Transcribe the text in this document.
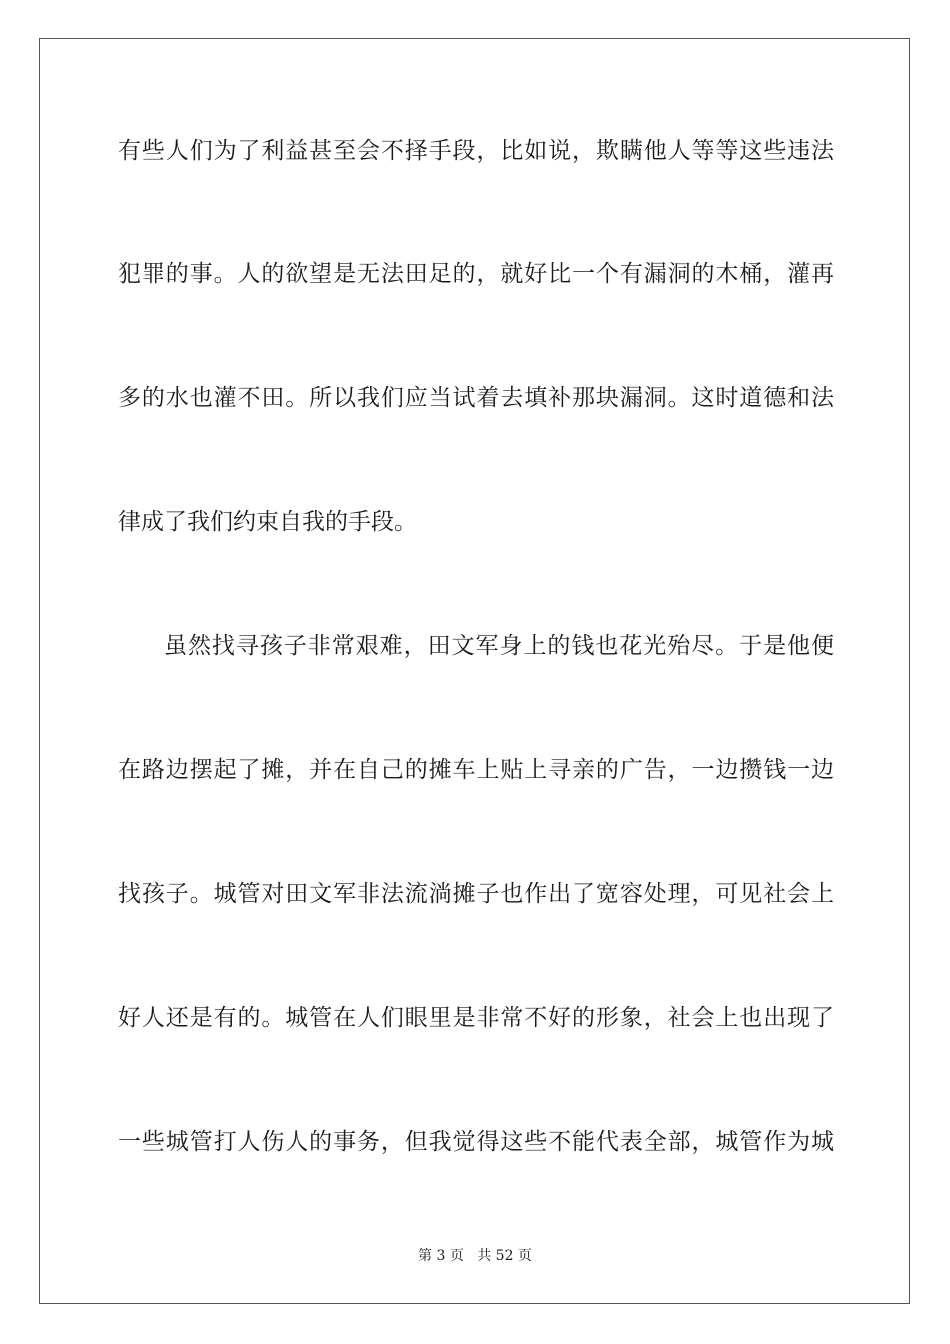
有些人们为了利益甚至会不择手段，比如说，欺瞒他人等等这些违法
犯罪的事。人的欲望是无法田足的，就好比一个有漏洞的木桶，灌再
多的水也灌不田。所以我们应当试着去填补那块漏洞。这时道德和法
律成了我们约束自我的手段。
虽然找寻孩子非常艰难，田文军身上的钱也花光殆尽。于是他便
在路边摆起了摊，并在自己的摊车上贴上寻亲的广告，一边攒钱一边
找孩子。城管对田文军非法流淌摊子也作出了宽容处理，可见社会上
好人还是有的。城管在人们眼里是非常不好的形象，社会上也出现了
一些城管打人伤人的事务，但我觉得这些不能代表全部，城管作为城
第 3 页 共 52 页
